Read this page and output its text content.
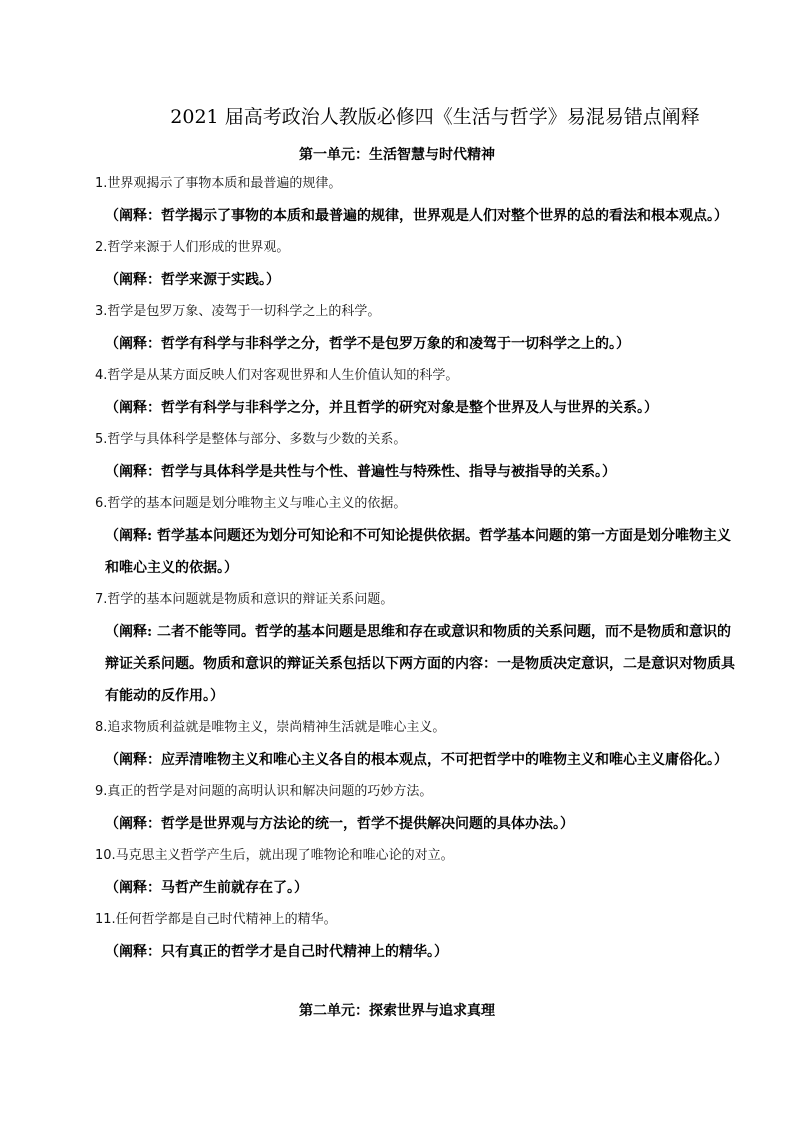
2021 届高考政治人教版必修四《生活与哲学》易混易错点阐释
第一单元：生活智慧与时代精神
1.世界观揭示了事物本质和最普遍的规律。
（阐释：哲学揭示了事物的本质和最普遍的规律，世界观是人们对整个世界的总的看法和根本观点。）
2.哲学来源于人们形成的世界观。
（阐释：哲学来源于实践。）
3.哲学是包罗万象、凌驾于一切科学之上的科学。
（阐释：哲学有科学与非科学之分，哲学不是包罗万象的和凌驾于一切科学之上的。）
4.哲学是从某方面反映人们对客观世界和人生价值认知的科学。
（阐释：哲学有科学与非科学之分，并且哲学的研究对象是整个世界及人与世界的关系。）
5.哲学与具体科学是整体与部分、多数与少数的关系。
（阐释：哲学与具体科学是共性与个性、普遍性与特殊性、指导与被指导的关系。）
6.哲学的基本问题是划分唯物主义与唯心主义的依据。
（阐释: 哲学基本问题还为划分可知论和不可知论提供依据。哲学基本问题的第一方面是划分唯物主义和唯心主义的依据。）
7.哲学的基本问题就是物质和意识的辩证关系问题。
（阐释: 二者不能等同。哲学的基本问题是思维和存在或意识和物质的关系问题，而不是物质和意识的辩证关系问题。物质和意识的辩证关系包括以下两方面的内容：一是物质决定意识，二是意识对物质具有能动的反作用。）
8.追求物质利益就是唯物主义，崇尚精神生活就是唯心主义。
（阐释：应弄清唯物主义和唯心主义各自的根本观点，不可把哲学中的唯物主义和唯心主义庸俗化。）
9.真正的哲学是对问题的高明认识和解决问题的巧妙方法。
（阐释：哲学是世界观与方法论的统一，哲学不提供解决问题的具体办法。）
10.马克思主义哲学产生后，就出现了唯物论和唯心论的对立。
（阐释：马哲产生前就存在了。）
11.任何哲学都是自己时代精神上的精华。
（阐释：只有真正的哲学才是自己时代精神上的精华。）
第二单元：探索世界与追求真理
